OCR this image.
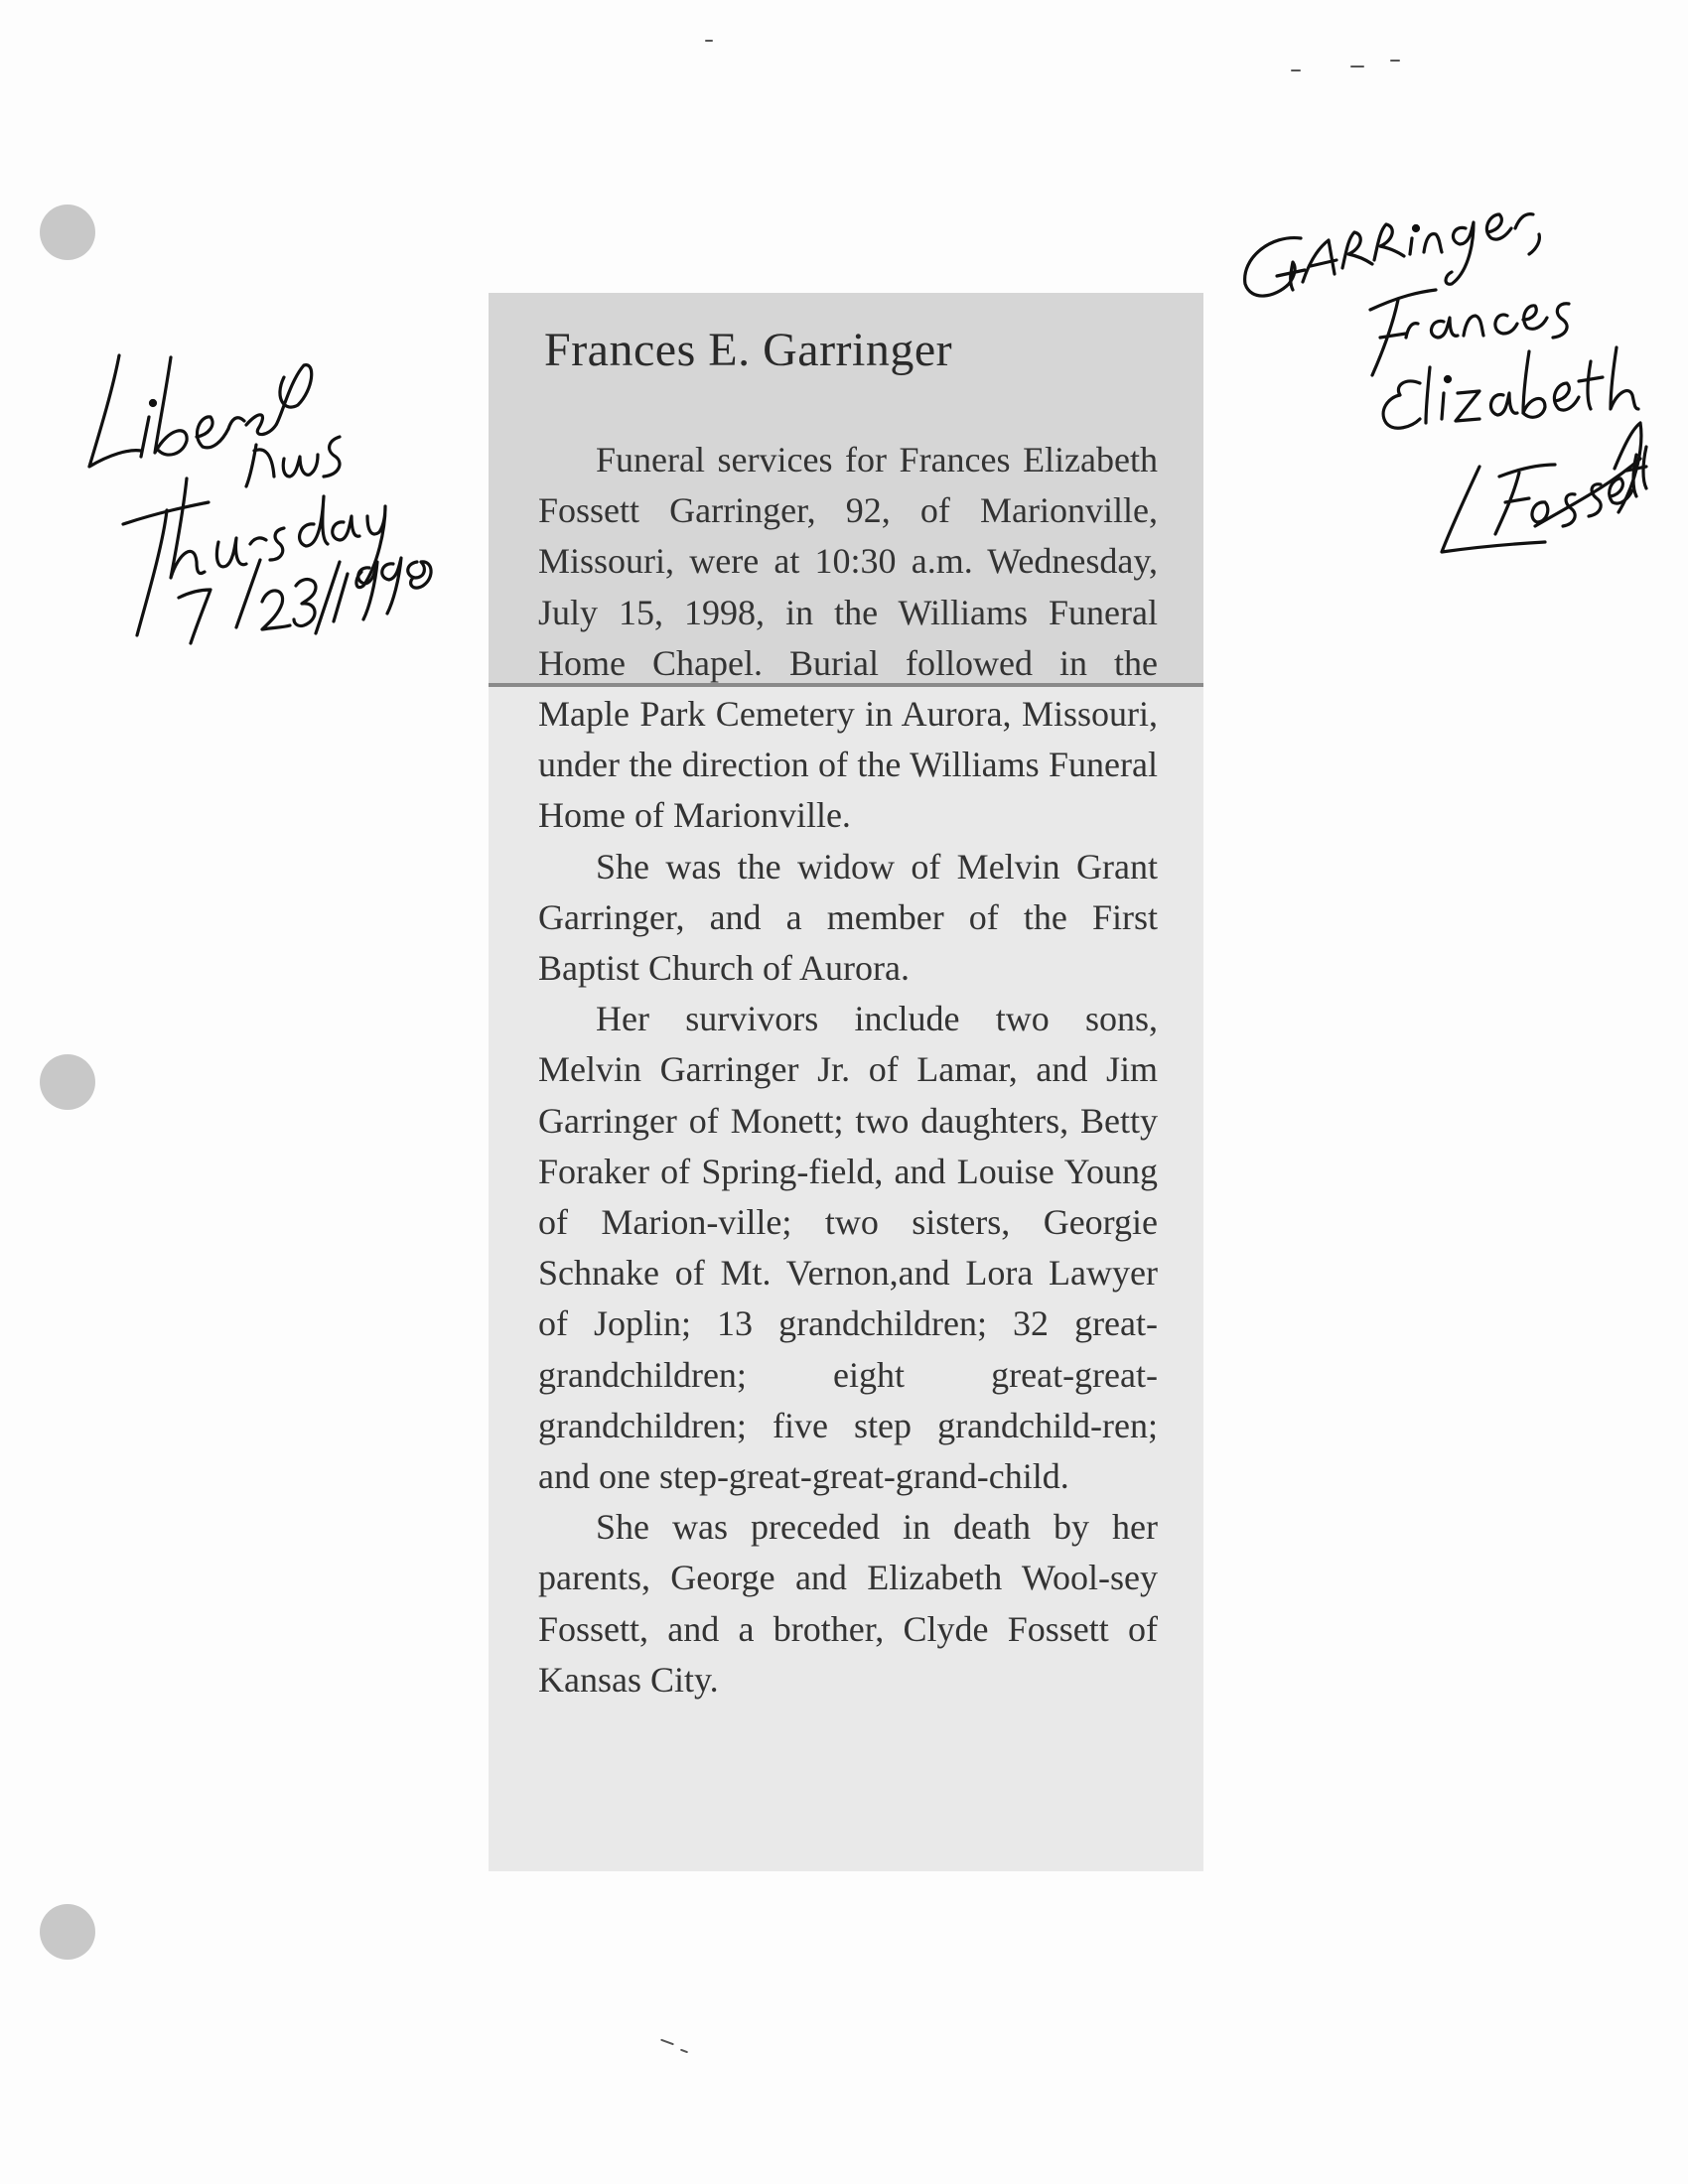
Frances E. Garringer

Funeral services for Frances Elizabeth Fossett Garringer, 92, of Marionville, Missouri, were at 10:30 a.m. Wednesday, July 15, 1998, in the Williams Funeral Home Chapel. Burial followed in the Maple Park Cemetery in Aurora, Missouri, under the direction of the Williams Funeral Home of Marionville.

She was the widow of Melvin Grant Garringer, and a member of the First Baptist Church of Aurora.

Her survivors include two sons, Melvin Garringer Jr. of Lamar, and Jim Garringer of Monett; two daughters, Betty Foraker of Spring-field, and Louise Young of Marion-ville; two sisters, Georgie Schnake of Mt. Vernon,and Lora Lawyer of Joplin; 13 grandchildren; 32 great-grandchildren; eight great-great-grandchildren; five step grandchild-ren; and one step-great-great-grand-child.

She was preceded in death by her parents, George and Elizabeth Wool-sey Fossett, and a brother, Clyde Fossett of Kansas City.
